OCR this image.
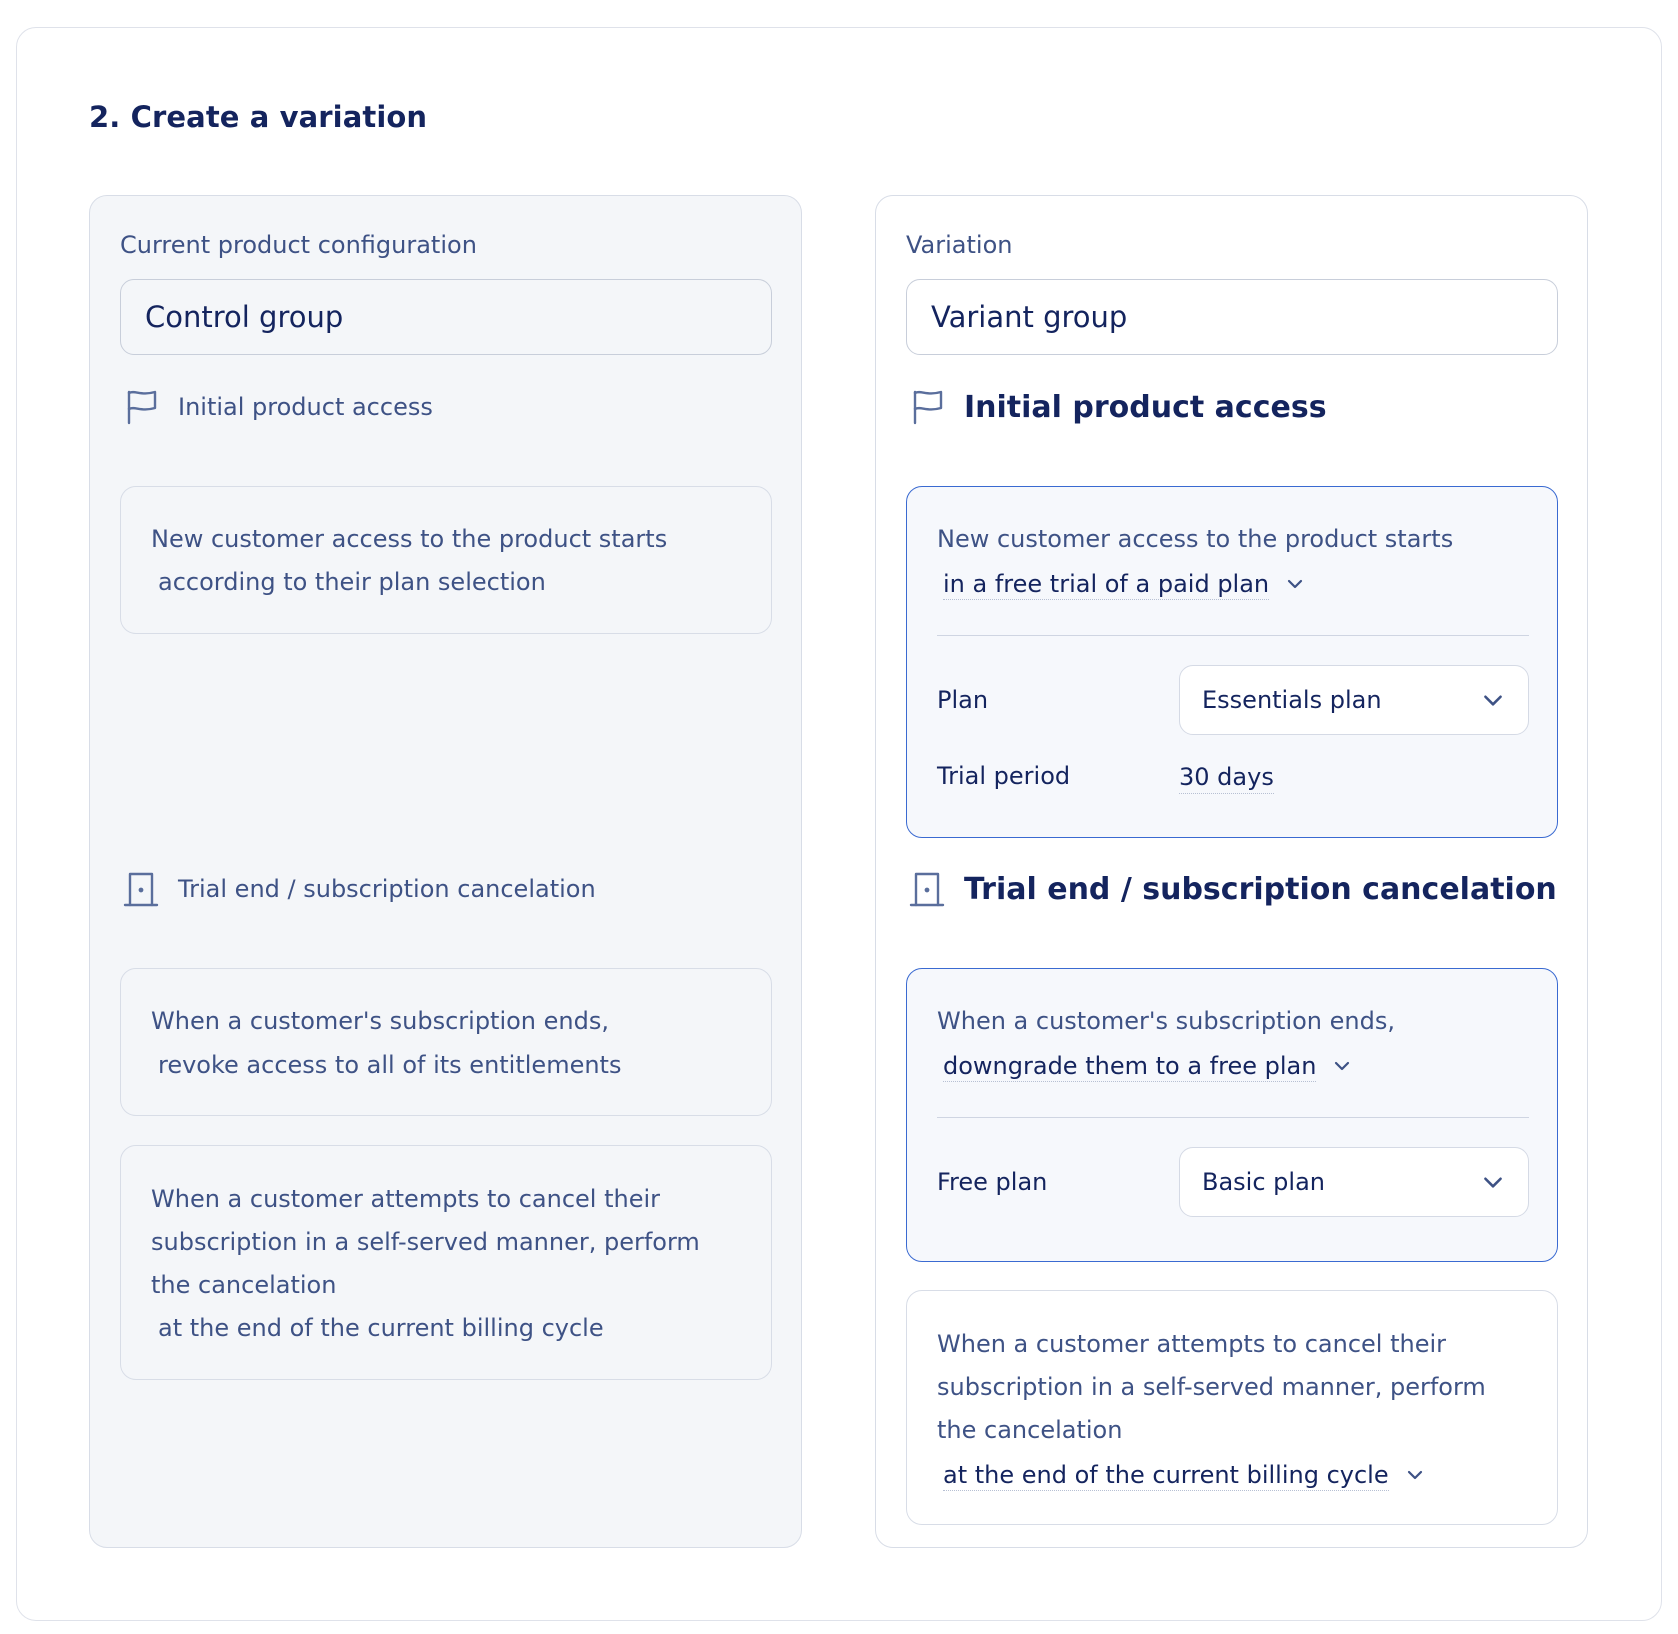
2. Create a variation
Current product configuration
Control group
Initial product access
New customer access to the product starts
according to their plan selection
Trial end / subscription cancelation
When a customer's subscription ends,
revoke access to all of its entitlements
When a customer attempts to cancel their
subscription in a self-served manner, perform
the cancelation
at the end of the current billing cycle
Variation
Variant group
Initial product access
New customer access to the product starts
in a free trial of a paid plan
Plan	Essentials plan
Trial period	30 days
Trial end / subscription cancelation
When a customer's subscription ends,
downgrade them to a free plan
Free plan	Basic plan
When a customer attempts to cancel their
subscription in a self-served manner, perform
the cancelation
at the end of the current billing cycle
